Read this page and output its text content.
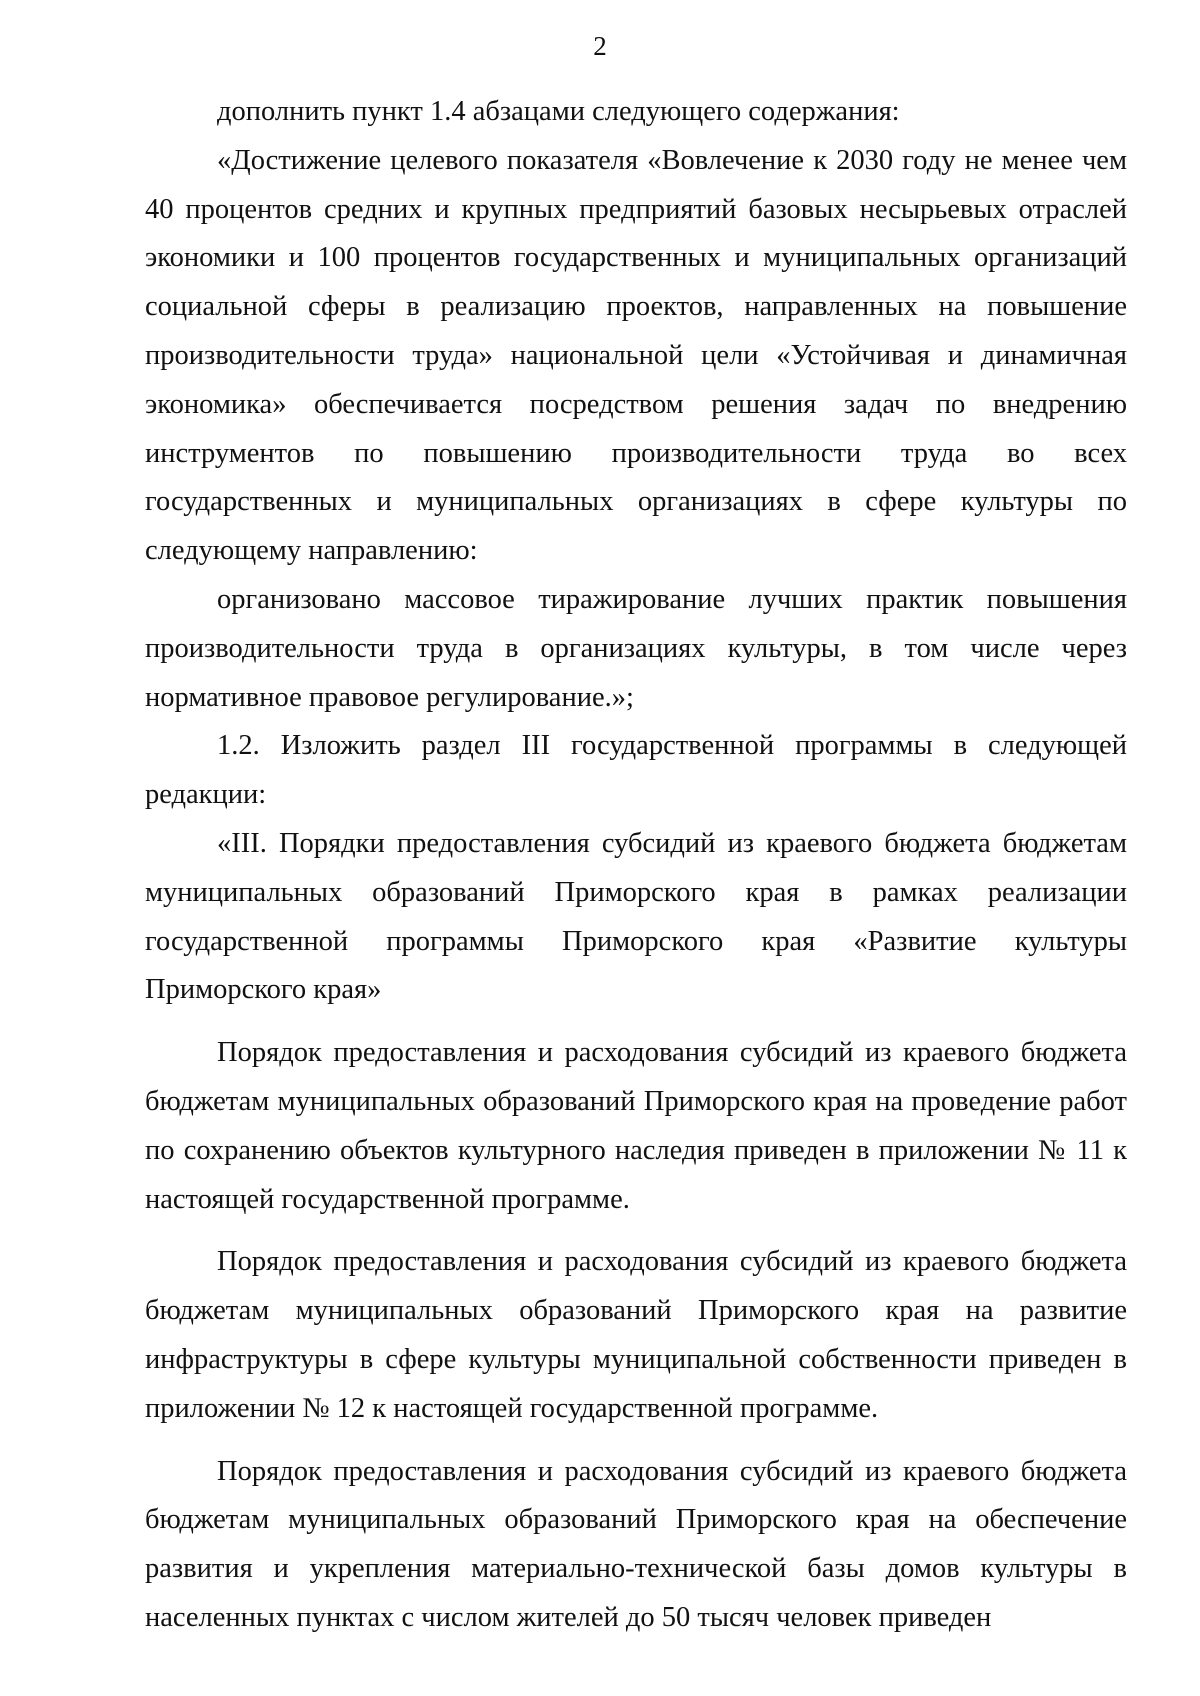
2

дополнить пункт 1.4 абзацами следующего содержания:

«Достижение целевого показателя «Вовлечение к 2030 году не менее чем 40 процентов средних и крупных предприятий базовых несырьевых отраслей экономики и 100 процентов государственных и муниципальных организаций социальной сферы в реализацию проектов, направленных на повышение производительности труда» национальной цели «Устойчивая и динамичная экономика» обеспечивается посредством решения задач по внедрению инструментов по повышению производительности труда во всех государственных и муниципальных организациях в сфере культуры по следующему направлению:

организовано массовое тиражирование лучших практик повышения производительности труда в организациях культуры, в том числе через нормативное правовое регулирование.»;

1.2. Изложить раздел III государственной программы в следующей редакции:

«III. Порядки предоставления субсидий из краевого бюджета бюджетам муниципальных образований Приморского края в рамках реализации государственной программы Приморского края «Развитие культуры Приморского края»

Порядок предоставления и расходования субсидий из краевого бюджета бюджетам муниципальных образований Приморского края на проведение работ по сохранению объектов культурного наследия приведен в приложении № 11 к настоящей государственной программе.

Порядок предоставления и расходования субсидий из краевого бюджета бюджетам муниципальных образований Приморского края на развитие инфраструктуры в сфере культуры муниципальной собственности приведен в приложении № 12 к настоящей государственной программе.

Порядок предоставления и расходования субсидий из краевого бюджета бюджетам муниципальных образований Приморского края на обеспечение развития и укрепления материально-технической базы домов культуры в населенных пунктах с числом жителей до 50 тысяч человек приведен
